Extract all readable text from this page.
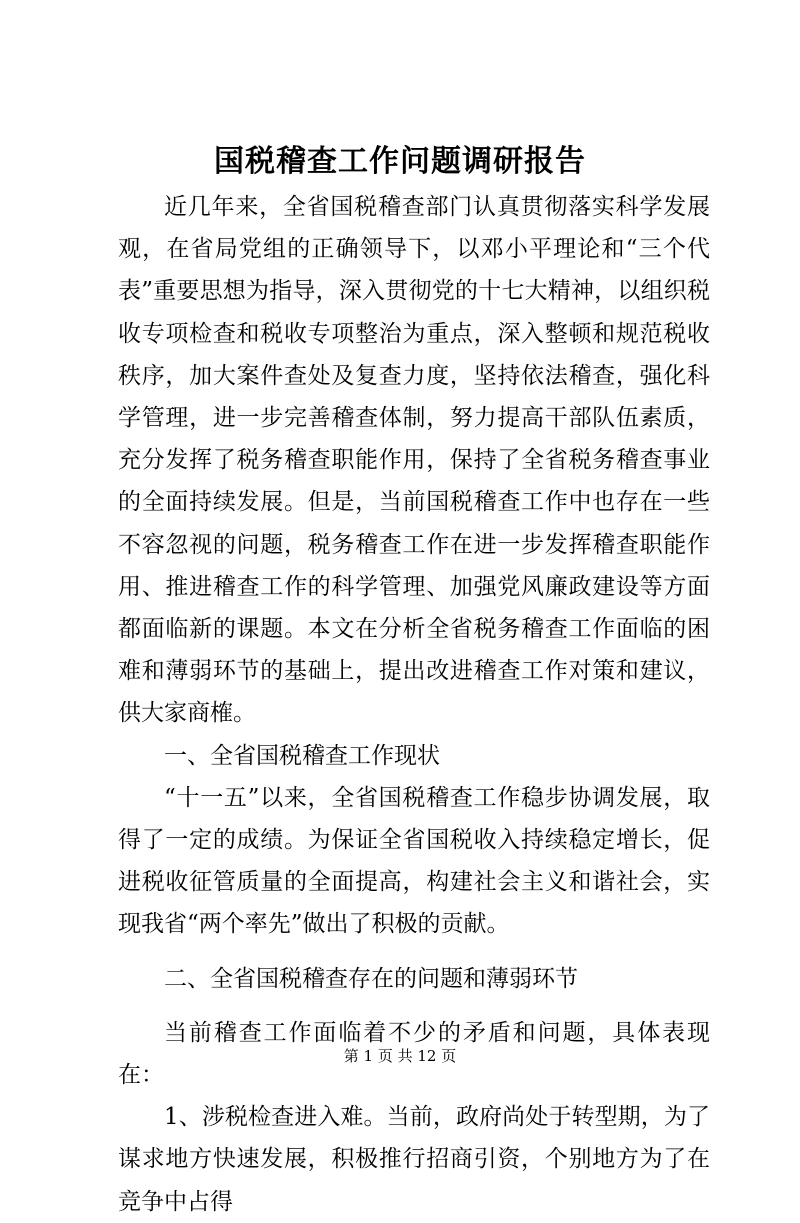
国税稽查工作问题调研报告

近几年来，全省国税稽查部门认真贯彻落实科学发展观，在省局党组的正确领导下，以邓小平理论和“三个代表”重要思想为指导，深入贯彻党的十七大精神，以组织税收专项检查和税收专项整治为重点，深入整顿和规范税收秩序，加大案件查处及复查力度，坚持依法稽查，强化科学管理，进一步完善稽查体制，努力提高干部队伍素质，充分发挥了税务稽查职能作用，保持了全省税务稽查事业的全面持续发展。但是，当前国税稽查工作中也存在一些不容忽视的问题，税务稽查工作在进一步发挥稽查职能作用、推进稽查工作的科学管理、加强党风廉政建设等方面都面临新的课题。本文在分析全省税务稽查工作面临的困难和薄弱环节的基础上，提出改进稽查工作对策和建议，供大家商榷。

一、全省国税稽查工作现状

“十一五”以来，全省国税稽查工作稳步协调发展，取得了一定的成绩。为保证全省国税收入持续稳定增长，促进税收征管质量的全面提高，构建社会主义和谐社会，实现我省“两个率先”做出了积极的贡献。

二、全省国税稽查存在的问题和薄弱环节

当前稽查工作面临着不少的矛盾和问题，具体表现在：

1、涉税检查进入难。当前，政府尚处于转型期，为了谋求地方快速发展，积极推行招商引资，个别地方为了在竞争中占得

第 1 页 共 12 页
